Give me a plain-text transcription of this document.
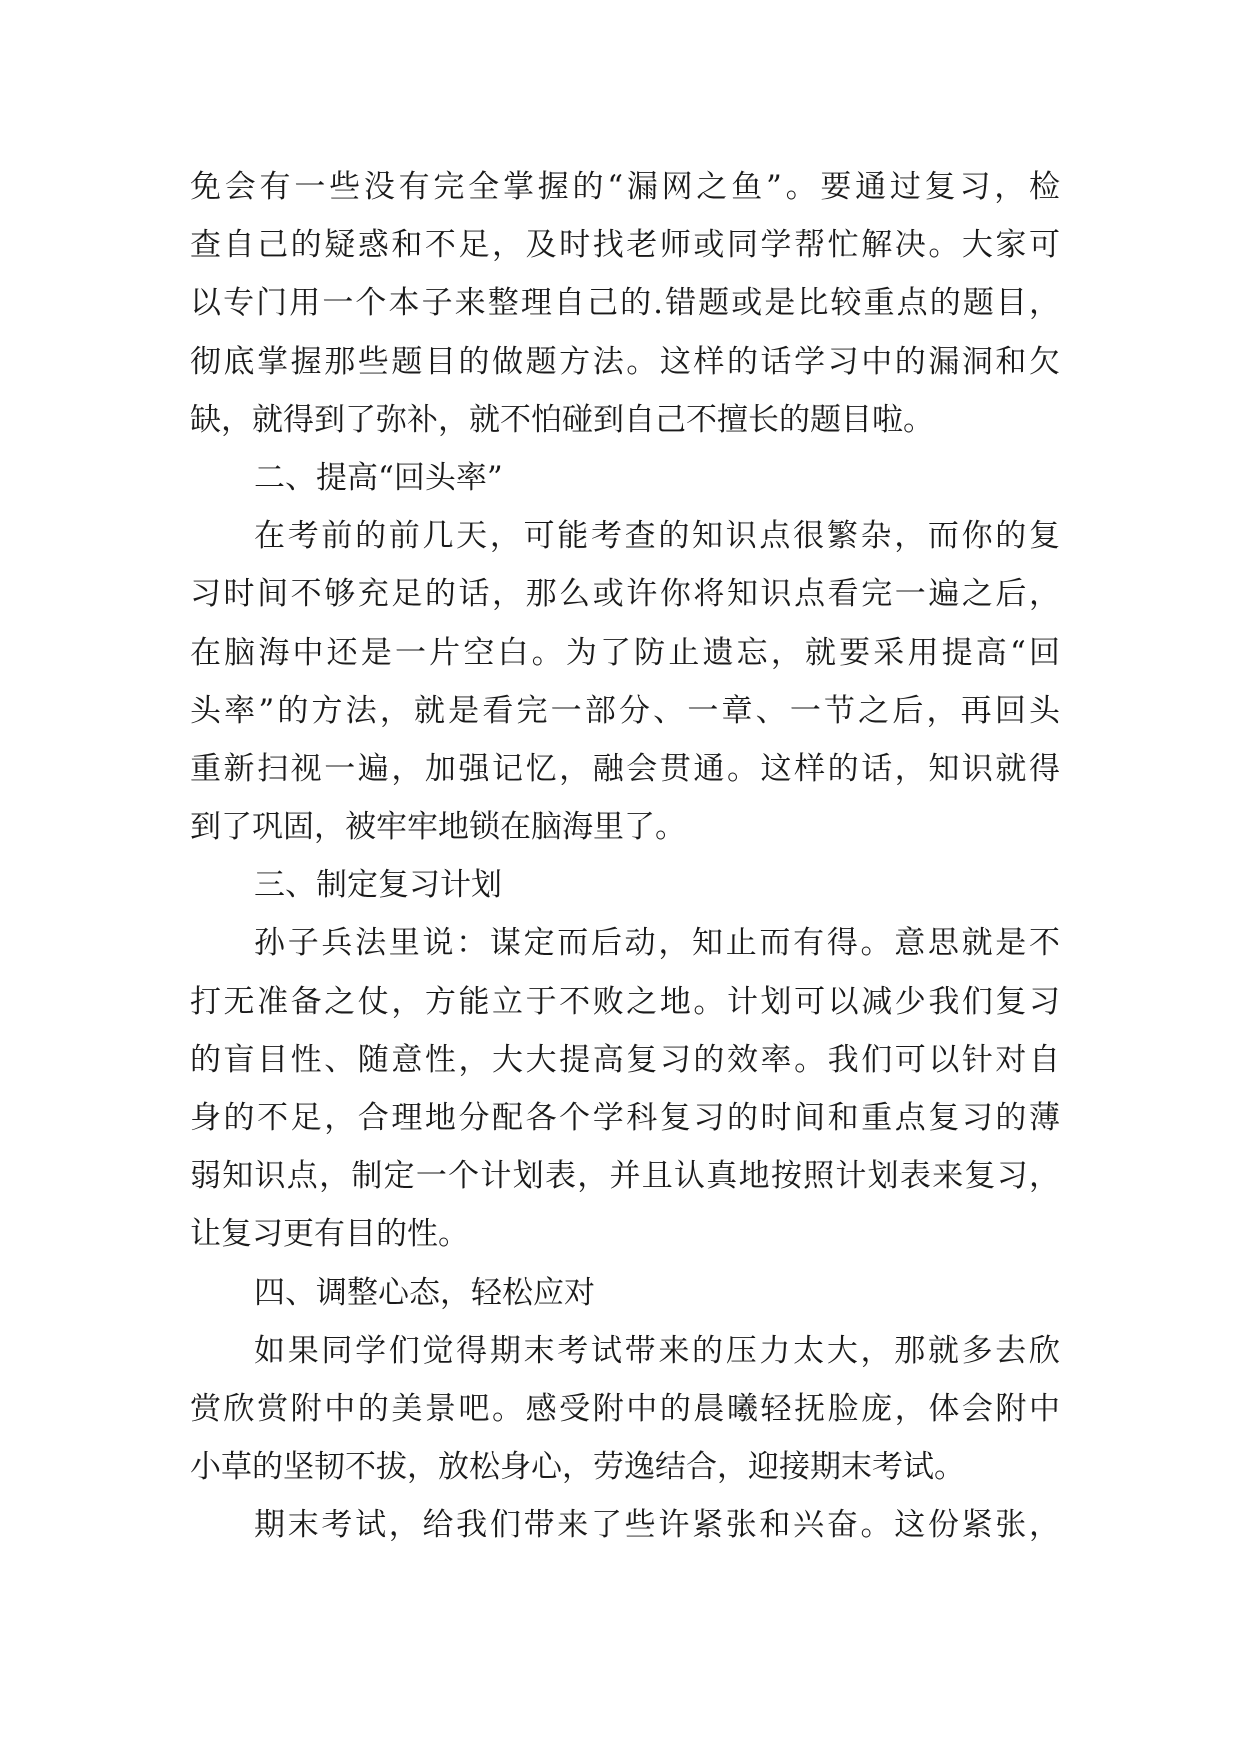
免会有一些没有完全掌握的“漏网之鱼”。要通过复习，检
查自己的疑惑和不足，及时找老师或同学帮忙解决。大家可
以专门用一个本子来整理自己的.错题或是比较重点的题目，
彻底掌握那些题目的做题方法。这样的话学习中的漏洞和欠
缺，就得到了弥补，就不怕碰到自己不擅长的题目啦。
二、提高“回头率”
在考前的前几天，可能考查的知识点很繁杂，而你的复
习时间不够充足的话，那么或许你将知识点看完一遍之后，
在脑海中还是一片空白。为了防止遗忘，就要采用提高“回
头率”的方法，就是看完一部分、一章、一节之后，再回头
重新扫视一遍，加强记忆，融会贯通。这样的话，知识就得
到了巩固，被牢牢地锁在脑海里了。
三、制定复习计划
孙子兵法里说：谋定而后动，知止而有得。意思就是不
打无准备之仗，方能立于不败之地。计划可以减少我们复习
的盲目性、随意性，大大提高复习的效率。我们可以针对自
身的不足，合理地分配各个学科复习的时间和重点复习的薄
弱知识点，制定一个计划表，并且认真地按照计划表来复习，
让复习更有目的性。
四、调整心态，轻松应对
如果同学们觉得期末考试带来的压力太大，那就多去欣
赏欣赏附中的美景吧。感受附中的晨曦轻抚脸庞，体会附中
小草的坚韧不拔，放松身心，劳逸结合，迎接期末考试。
期末考试，给我们带来了些许紧张和兴奋。这份紧张，
